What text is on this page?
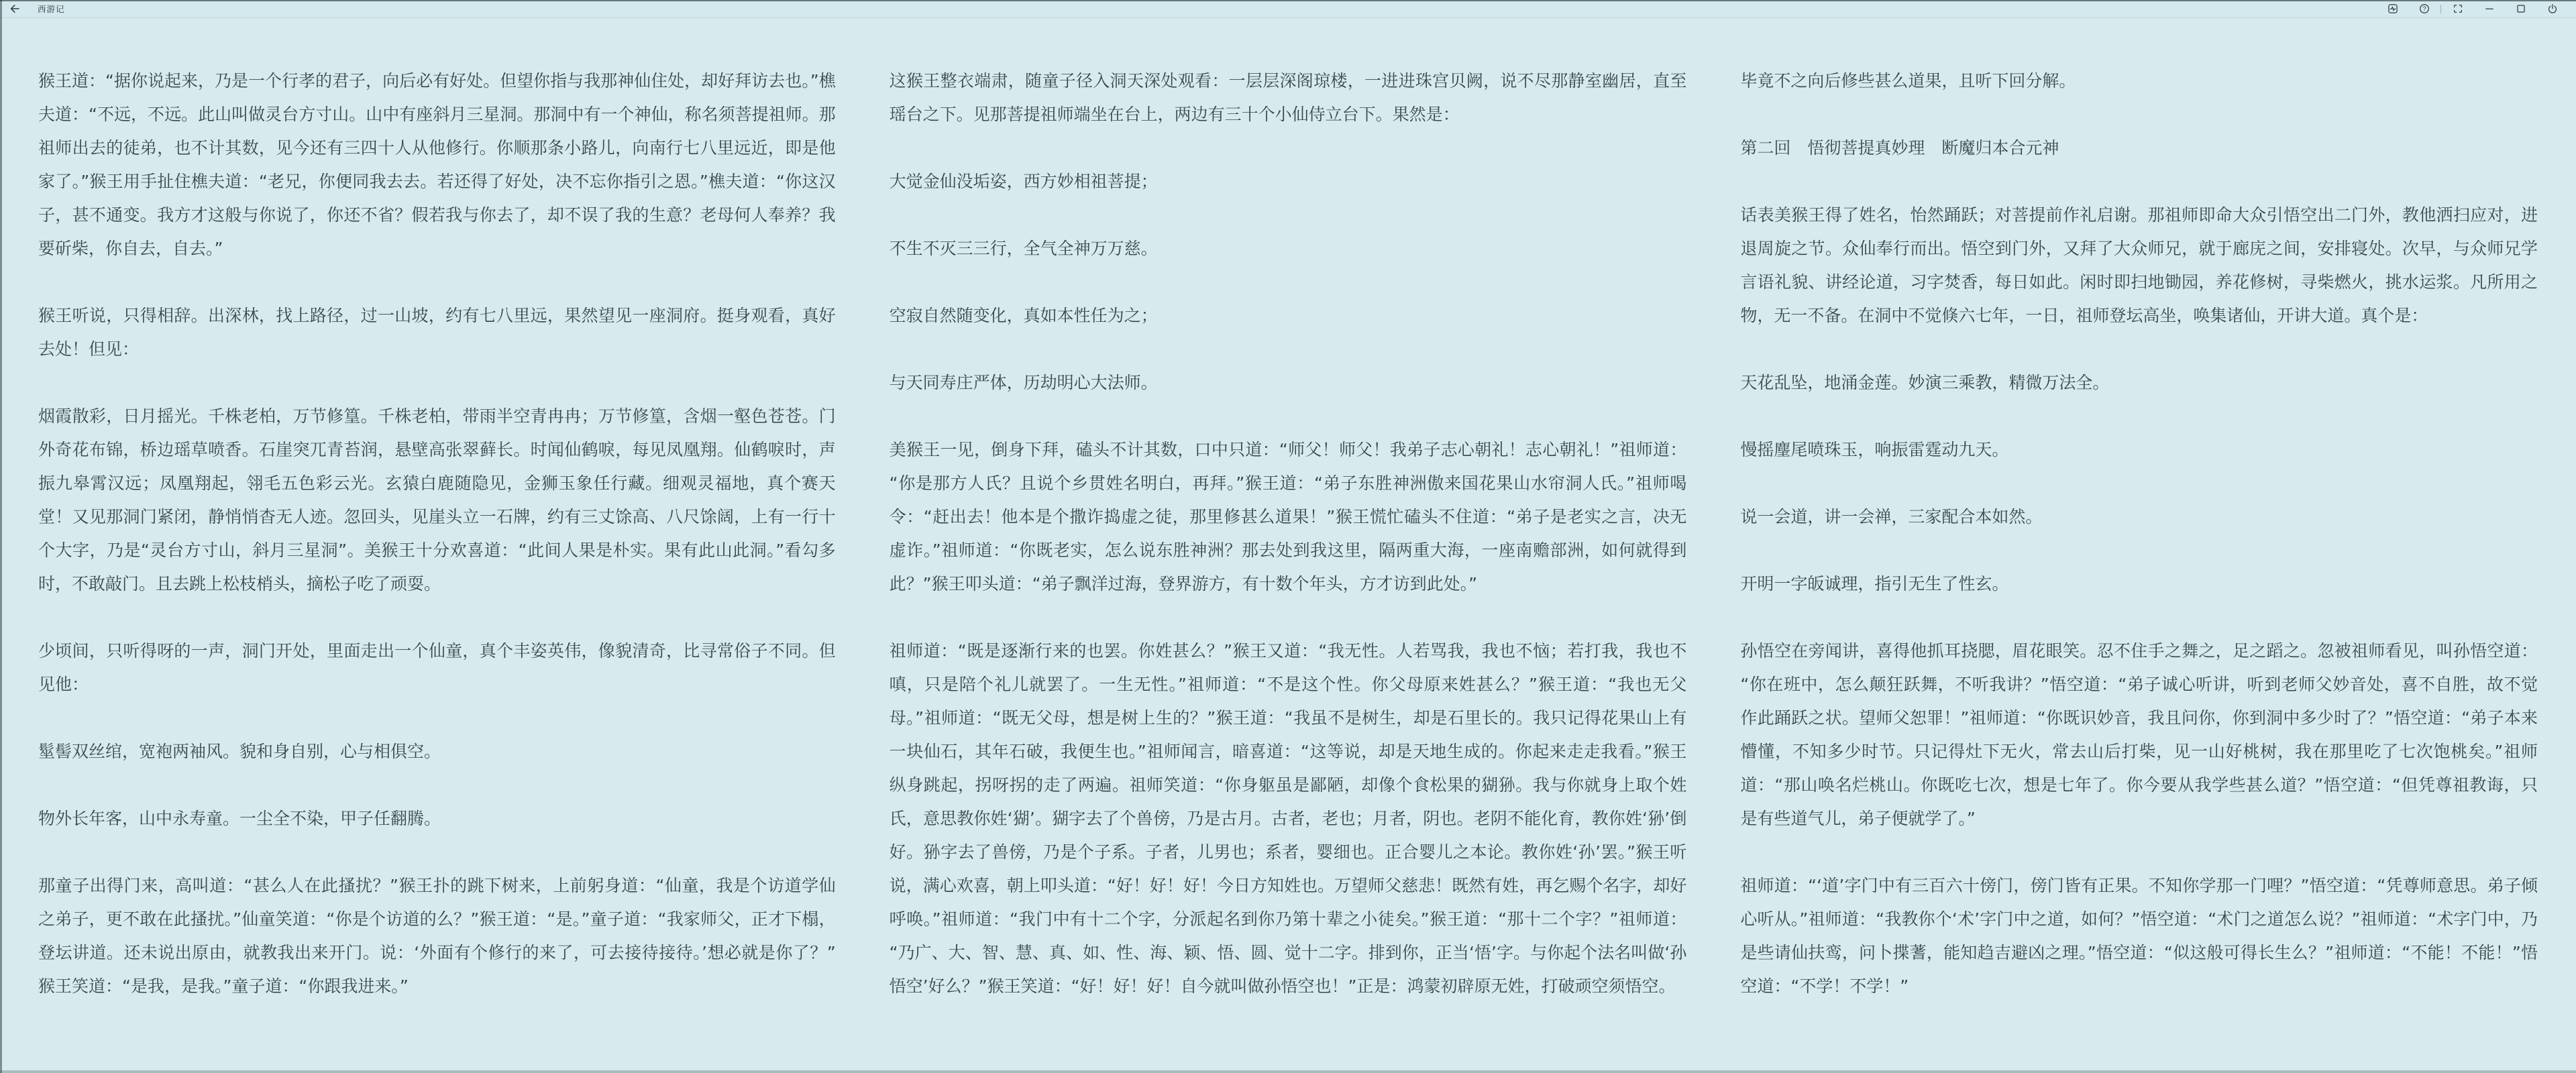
西游记	?

猴王道：“据你说起来，乃是一个行孝的君子，向后必有好处。但望你指与我那神仙住处，却好拜访去也。”樵夫道：“不远，不远。此山叫做灵台方寸山。山中有座斜月三星洞。那洞中有一个神仙，称名须菩提祖师。那祖师出去的徒弟，也不计其数，见今还有三四十人从他修行。你顺那条小路儿，向南行七八里远近，即是他家了。”猴王用手扯住樵夫道：“老兄，你便同我去去。若还得了好处，决不忘你指引之恩。”樵夫道：“你这汉子，甚不通变。我方才这般与你说了，你还不省？假若我与你去了，却不误了我的生意？老母何人奉养？我要斫柴，你自去，自去。”

猴王听说，只得相辞。出深林，找上路径，过一山坡，约有七八里远，果然望见一座洞府。挺身观看，真好去处！但见：

烟霞散彩，日月摇光。千株老柏，万节修篁。千株老柏，带雨半空青冉冉；万节修篁，含烟一壑色苍苍。门外奇花布锦，桥边瑶草喷香。石崖突兀青苔润，悬壁高张翠藓长。时闻仙鹤唳，每见凤凰翔。仙鹤唳时，声振九皋霄汉远；凤凰翔起，翎毛五色彩云光。玄猿白鹿随隐见，金狮玉象任行藏。细观灵福地，真个赛天堂！又见那洞门紧闭，静悄悄杳无人迹。忽回头，见崖头立一石牌，约有三丈馀高、八尺馀阔，上有一行十个大字，乃是“灵台方寸山，斜月三星洞”。美猴王十分欢喜道：“此间人果是朴实。果有此山此洞。”看勾多时，不敢敲门。且去跳上松枝梢头，摘松子吃了顽耍。

少顷间，只听得呀的一声，洞门开处，里面走出一个仙童，真个丰姿英伟，像貌清奇，比寻常俗子不同。但见他：

髽髻双丝绾，宽袍两袖风。貌和身自别，心与相俱空。

物外长年客，山中永寿童。一尘全不染，甲子任翻腾。

那童子出得门来，高叫道：“甚么人在此搔扰？”猴王扑的跳下树来，上前躬身道：“仙童，我是个访道学仙之弟子，更不敢在此搔扰。”仙童笑道：“你是个访道的么？”猴王道：“是。”童子道：“我家师父，正才下榻，登坛讲道。还未说出原由，就教我出来开门。说：‘外面有个修行的来了，可去接待接待。’想必就是你了？”猴王笑道：“是我，是我。”童子道：“你跟我进来。”

这猴王整衣端肃，随童子径入洞天深处观看：一层层深阁琼楼，一进进珠宫贝阙，说不尽那静室幽居，直至瑶台之下。见那菩提祖师端坐在台上，两边有三十个小仙侍立台下。果然是：

大觉金仙没垢姿，西方妙相祖菩提；

不生不灭三三行，全气全神万万慈。

空寂自然随变化，真如本性任为之；

与天同寿庄严体，历劫明心大法师。

美猴王一见，倒身下拜，磕头不计其数，口中只道：“师父！师父！我弟子志心朝礼！志心朝礼！”祖师道：“你是那方人氏？且说个乡贯姓名明白，再拜。”猴王道：“弟子东胜神洲傲来国花果山水帘洞人氏。”祖师喝令：“赶出去！他本是个撒诈捣虚之徒，那里修甚么道果！”猴王慌忙磕头不住道：“弟子是老实之言，决无虚诈。”祖师道：“你既老实，怎么说东胜神洲？那去处到我这里，隔两重大海，一座南赡部洲，如何就得到此？”猴王叩头道：“弟子飘洋过海，登界游方，有十数个年头，方才访到此处。”

祖师道：“既是逐渐行来的也罢。你姓甚么？”猴王又道：“我无性。人若骂我，我也不恼；若打我，我也不嗔，只是陪个礼儿就罢了。一生无性。”祖师道：“不是这个性。你父母原来姓甚么？”猴王道：“我也无父母。”祖师道：“既无父母，想是树上生的？”猴王道：“我虽不是树生，却是石里长的。我只记得花果山上有一块仙石，其年石破，我便生也。”祖师闻言，暗喜道：“这等说，却是天地生成的。你起来走走我看。”猴王纵身跳起，拐呀拐的走了两遍。祖师笑道：“你身躯虽是鄙陋，却像个食松果的猢狲。我与你就身上取个姓氏，意思教你姓‘猢’。猢字去了个兽傍，乃是古月。古者，老也；月者，阴也。老阴不能化育，教你姓‘狲’倒好。狲字去了兽傍，乃是个子系。子者，儿男也；系者，婴细也。正合婴儿之本论。教你姓‘孙’罢。”猴王听说，满心欢喜，朝上叩头道：“好！好！好！今日方知姓也。万望师父慈悲！既然有姓，再乞赐个名字，却好呼唤。”祖师道：“我门中有十二个字，分派起名到你乃第十辈之小徒矣。”猴王道：“那十二个字？”祖师道：“乃广、大、智、慧、真、如、性、海、颖、悟、圆、觉十二字。排到你，正当‘悟’字。与你起个法名叫做‘孙悟空’好么？”猴王笑道：“好！好！好！自今就叫做孙悟空也！”正是：鸿蒙初辟原无姓，打破顽空须悟空。

毕竟不之向后修些甚么道果，且听下回分解。

第二回　悟彻菩提真妙理　断魔归本合元神

话表美猴王得了姓名，怡然踊跃；对菩提前作礼启谢。那祖师即命大众引悟空出二门外，教他洒扫应对，进退周旋之节。众仙奉行而出。悟空到门外，又拜了大众师兄，就于廊庑之间，安排寝处。次早，与众师兄学言语礼貌、讲经论道，习字焚香，每日如此。闲时即扫地锄园，养花修树，寻柴燃火，挑水运浆。凡所用之物，无一不备。在洞中不觉倏六七年，一日，祖师登坛高坐，唤集诸仙，开讲大道。真个是：

天花乱坠，地涌金莲。妙演三乘教，精微万法全。

慢摇麈尾喷珠玉，响振雷霆动九天。

说一会道，讲一会禅，三家配合本如然。

开明一字皈诚理，指引无生了性玄。

孙悟空在旁闻讲，喜得他抓耳挠腮，眉花眼笑。忍不住手之舞之，足之蹈之。忽被祖师看见，叫孙悟空道：“你在班中，怎么颠狂跃舞，不听我讲？”悟空道：“弟子诚心听讲，听到老师父妙音处，喜不自胜，故不觉作此踊跃之状。望师父恕罪！”祖师道：“你既识妙音，我且问你，你到洞中多少时了？”悟空道：“弟子本来懵懂，不知多少时节。只记得灶下无火，常去山后打柴，见一山好桃树，我在那里吃了七次饱桃矣。”祖师道：“那山唤名烂桃山。你既吃七次，想是七年了。你今要从我学些甚么道？”悟空道：“但凭尊祖教诲，只是有些道气儿，弟子便就学了。”

祖师道：“‘道’字门中有三百六十傍门，傍门皆有正果。不知你学那一门哩？”悟空道：“凭尊师意思。弟子倾心听从。”祖师道：“我教你个‘术’字门中之道，如何？”悟空道：“术门之道怎么说？”祖师道：“术字门中，乃是些请仙扶鸾，问卜揲蓍，能知趋吉避凶之理。”悟空道：“似这般可得长生么？”祖师道：“不能！不能！”悟空道：“不学！不学！”
